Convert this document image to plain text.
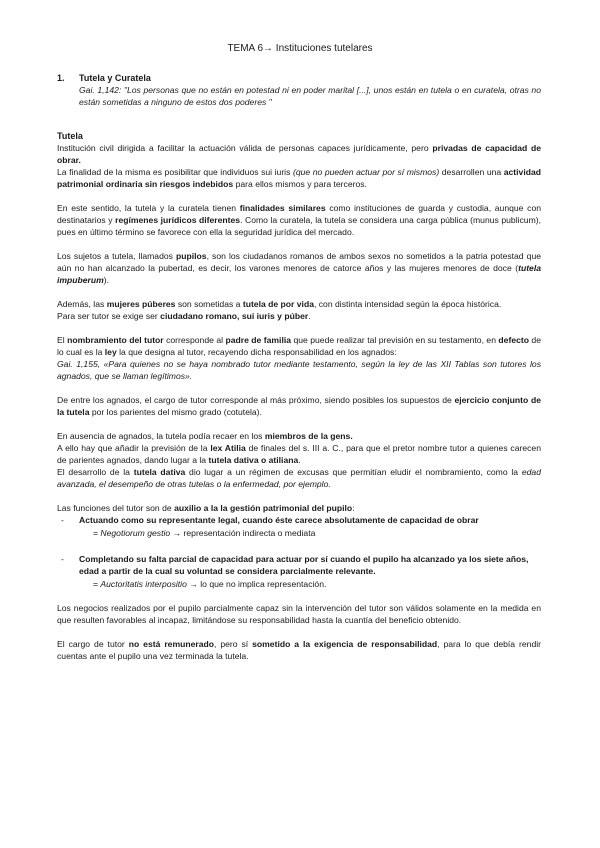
TEMA 6→ Instituciones tutelares
1. Tutela y Curatela

Gai. 1,142: "Los personas que no están en potestad ni en poder marital [...], unos están en tutela o en curatela, otras no están sometidas a ninguno de estos dos poderes "

Tutela

Institución civil dirigida a facilitar la actuación válida de personas capaces jurídicamente, pero privadas de capacidad de obrar.

La finalidad de la misma es posibilitar que individuos sui iuris (que no pueden actuar por sí mismos) desarrollen una actividad patrimonial ordinaria sin riesgos indebidos para ellos mismos y para terceros.

En este sentido, la tutela y la curatela tienen finalidades similares como instituciones de guarda y custodia, aunque con destinatarios y regímenes jurídicos diferentes. Como la curatela, la tutela se considera una carga pública (munus publicum), pues en último término se favorece con ella la seguridad jurídica del mercado.

Los sujetos a tutela, llamados pupilos, son los ciudadanos romanos de ambos sexos no sometidos a la patria potestad que aún no han alcanzado la pubertad, es decir, los varones menores de catorce años y las mujeres menores de doce (tutela impuberum).

Además, las mujeres púberes son sometidas a tutela de por vida, con distinta intensidad según la época histórica.

Para ser tutor se exige ser ciudadano romano, sui iuris y púber.

El nombramiento del tutor corresponde al padre de familia que puede realizar tal previsión en su testamento, en defecto de lo cual es la ley la que designa al tutor, recayendo dicha responsabilidad en los agnados:

Gai. 1,155, «Para quienes no se haya nombrado tutor mediante testamento, según la ley de las XII Tablas son tutores los agnados, que se llaman legítimos».

De entre los agnados, el cargo de tutor corresponde al más próximo, siendo posibles los supuestos de ejercicio conjunto de la tutela por los parientes del mismo grado (cotutela).

En ausencia de agnados, la tutela podía recaer en los miembros de la gens.

A ello hay que añadir la previsión de la lex Atilia de finales del s. III a. C., para que el pretor nombre tutor a quienes carecen de parientes agnados, dando lugar a la tutela dativa o atiliana.

El desarrollo de la tutela dativa dio lugar a un régimen de excusas que permitían eludir el nombramiento, como la edad avanzada, el desempeño de otras tutelas o la enfermedad, por ejemplo.

Las funciones del tutor son de auxilio a la la gestión patrimonial del pupilo:

- Actuando como su representante legal, cuando éste carece absolutamente de capacidad de obrar
= Negotiorum gestio → representación indirecta o mediata
- Completando su falta parcial de capacidad para actuar por sí cuando el pupilo ha alcanzado ya los siete años, edad a partir de la cual su voluntad se considera parcialmente relevante.
= Auctoritatis interpositio → lo que no implica representación.

Los negocios realizados por el pupilo parcialmente capaz sin la intervención del tutor son válidos solamente en la medida en que resulten favorables al incapaz, limitándose su responsabilidad hasta la cuantía del beneficio obtenido.

El cargo de tutor no está remunerado, pero sí sometido a la exigencia de responsabilidad, para lo que debía rendir cuentas ante el pupilo una vez terminada la tutela.
